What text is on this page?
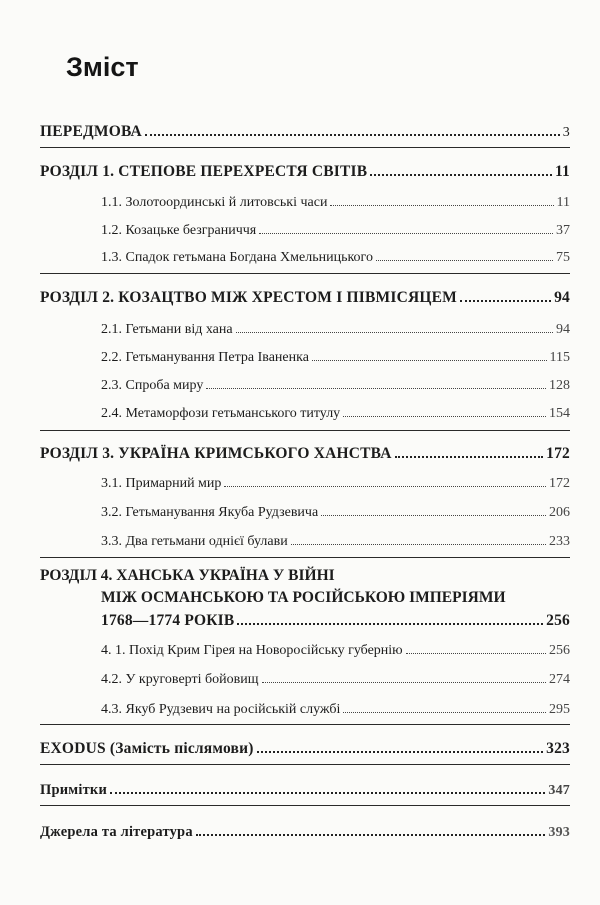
Зміст
ПЕРЕДМОВА	3
РОЗДІЛ 1. СТЕПОВЕ ПЕРЕХРЕСТЯ СВІТІВ	11
1.1. Золотоординські й литовські часи	11
1.2. Козацьке безграниччя	37
1.3. Спадок гетьмана Богдана Хмельницького	75
РОЗДІЛ 2. КОЗАЦТВО МІЖ ХРЕСТОМ І ПІВМІСЯЦЕМ	94
2.1. Гетьмани від хана	94
2.2. Гетьманування Петра Іваненка	115
2.3. Спроба миру	128
2.4. Метаморфози гетьманського титулу	154
РОЗДІЛ 3. УКРАЇНА КРИМСЬКОГО ХАНСТВА	172
3.1. Примарний мир	172
3.2. Гетьманування Якуба Рудзевича	206
3.3. Два гетьмани однієї булави	233
РОЗДІЛ 4. ХАНСЬКА УКРАЇНА У ВІЙНІ
МІЖ ОСМАНСЬКОЮ ТА РОСІЙСЬКОЮ ІМПЕРІЯМИ
1768—1774 РОКІВ	256
4. 1. Похід Крим Гірея на Новоросійську губернію	256
4.2. У круговерті бойовищ	274
4.3. Якуб Рудзевич на російській службі	295
EXODUS (Замість післямови)	323
Примітки	347
Джерела та література	393
